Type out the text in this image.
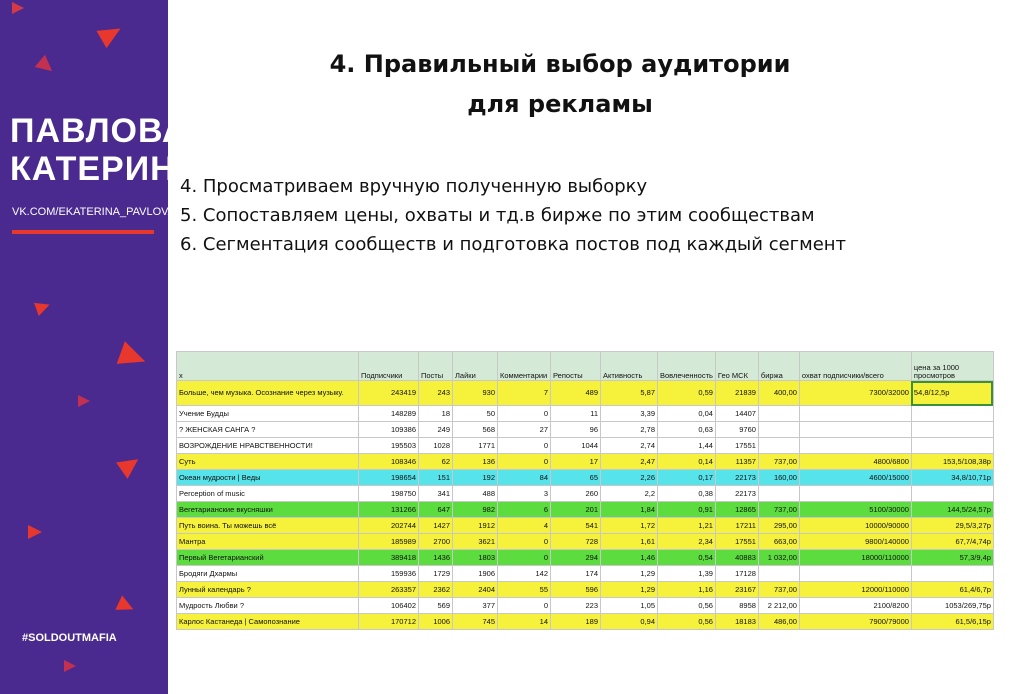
ПАВЛОВА
КАТЕРИНА
VK.COM/EKATERINA_PAVLOVA
#SOLDOUTMAFIA
4. Правильный выбор аудитории
для рекламы
4. Просматриваем вручную полученную выборку
5. Сопоставляем цены, охваты и тд.в бирже по этим сообществам
6. Сегментация сообществ и подготовка постов под каждый сегмент
x	Подписчики	Посты	Лайки	Комментарии	Репосты	Активность	Вовлеченность	Гео МСК	биржа	охват подписчики/всего	цена за 1000 просмотров
Больше, чем музыка. Осознание через музыку.	243419	243	930	7	489	5,87	0,59	21839	400,00	7300/32000	54,8/12,5р
Учение Будды	148289	18	50	0	11	3,39	0,04	14407			
? ЖЕНСКАЯ САНГА ?	109386	249	568	27	96	2,78	0,63	9760			
ВОЗРОЖДЕНИЕ НРАВСТВЕННОСТИ!	195503	1028	1771	0	1044	2,74	1,44	17551			
Суть	108346	62	136	0	17	2,47	0,14	11357	737,00	4800/6800	153,5/108,38р
Океан мудрости | Веды	198654	151	192	84	65	2,26	0,17	22173	160,00	4600/15000	34,8/10,71р
Perception of music	198750	341	488	3	260	2,2	0,38	22173			
Вегетарианские вкусняшки	131266	647	982	6	201	1,84	0,91	12865	737,00	5100/30000	144,5/24,57р
Путь воина. Ты можешь всё	202744	1427	1912	4	541	1,72	1,21	17211	295,00	10000/90000	29,5/3,27р
Мантра	185989	2700	3621	0	728	1,61	2,34	17551	663,00	9800/140000	67,7/4,74р
Первый Вегетарианский	389418	1436	1803	0	294	1,46	0,54	40883	1 032,00	18000/110000	57,3/9,4р
Бродяги Дхармы	159936	1729	1906	142	174	1,29	1,39	17128			
Лунный календарь ?	263357	2362	2404	55	596	1,29	1,16	23167	737,00	12000/110000	61,4/6,7р
Мудрость Любви ?	106402	569	377	0	223	1,05	0,56	8958	2 212,00	2100/8200	1053/269,75р
Карлос Кастанеда | Самопознание	170712	1006	745	14	189	0,94	0,56	18183	486,00	7900/79000	61,5/6,15р
